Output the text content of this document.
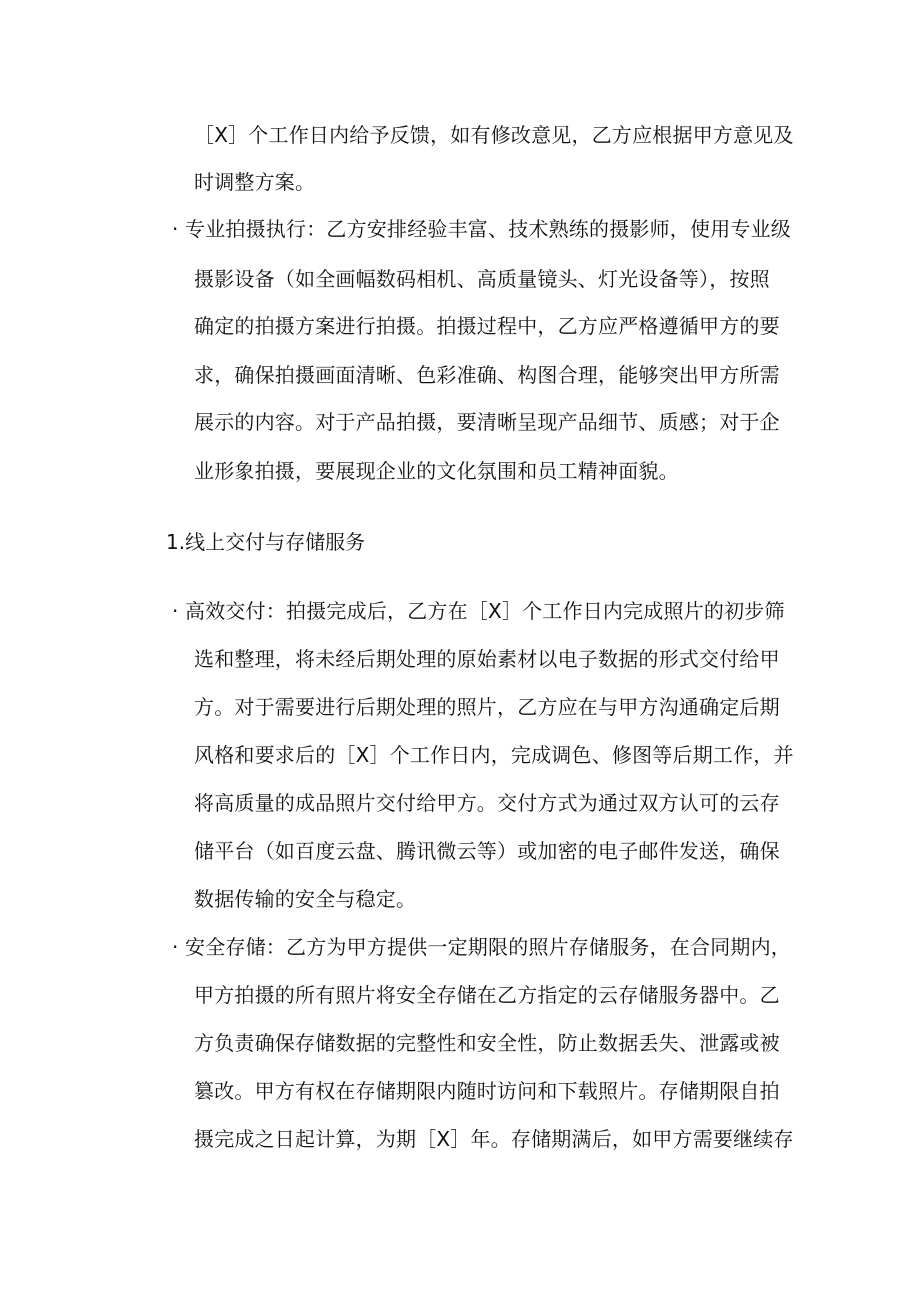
［X］个工作日内给予反馈，如有修改意见，乙方应根据甲方意见及
时调整方案。
· 专业拍摄执行：乙方安排经验丰富、技术熟练的摄影师，使用专业级
摄影设备（如全画幅数码相机、高质量镜头、灯光设备等），按照
确定的拍摄方案进行拍摄。拍摄过程中，乙方应严格遵循甲方的要
求，确保拍摄画面清晰、色彩准确、构图合理，能够突出甲方所需
展示的内容。对于产品拍摄，要清晰呈现产品细节、质感；对于企
业形象拍摄，要展现企业的文化氛围和员工精神面貌。
1.线上交付与存储服务
· 高效交付：拍摄完成后，乙方在［X］个工作日内完成照片的初步筛
选和整理，将未经后期处理的原始素材以电子数据的形式交付给甲
方。对于需要进行后期处理的照片，乙方应在与甲方沟通确定后期
风格和要求后的［X］个工作日内，完成调色、修图等后期工作，并
将高质量的成品照片交付给甲方。交付方式为通过双方认可的云存
储平台（如百度云盘、腾讯微云等）或加密的电子邮件发送，确保
数据传输的安全与稳定。
· 安全存储：乙方为甲方提供一定期限的照片存储服务，在合同期内，
甲方拍摄的所有照片将安全存储在乙方指定的云存储服务器中。乙
方负责确保存储数据的完整性和安全性，防止数据丢失、泄露或被
篡改。甲方有权在存储期限内随时访问和下载照片。存储期限自拍
摄完成之日起计算，为期［X］年。存储期满后，如甲方需要继续存
